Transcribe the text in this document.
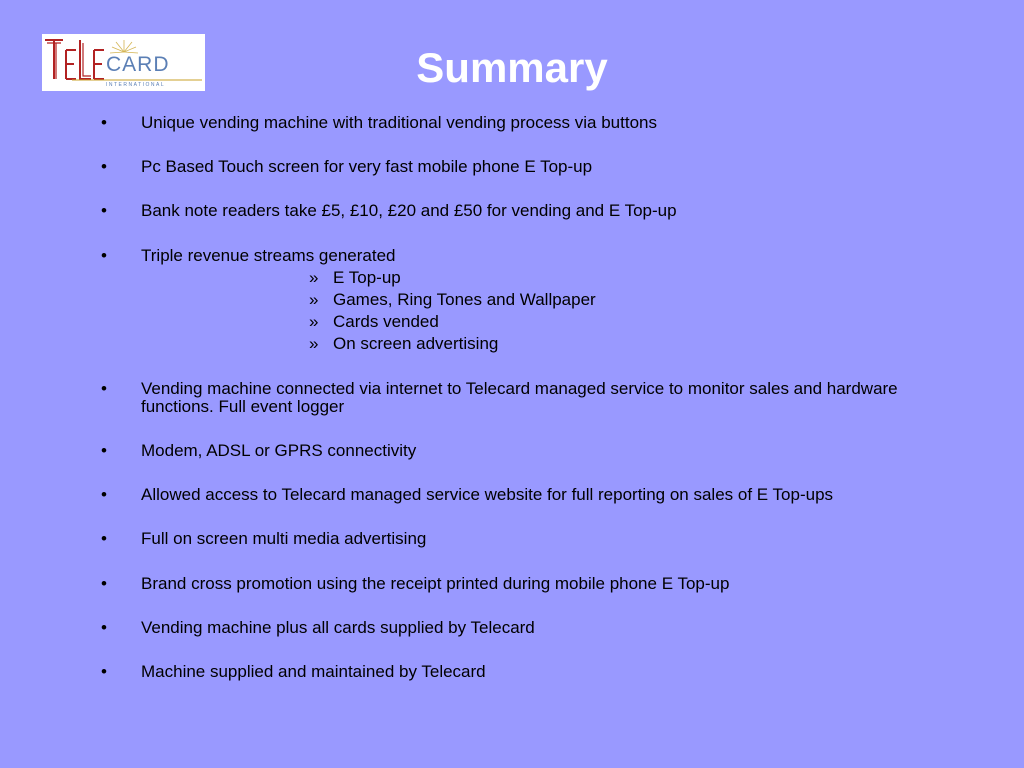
CARD
INTERNATIONAL	Summary
• Unique vending machine with traditional vending process via buttons
• Pc Based Touch screen for very fast mobile phone E Top-up
• Bank note readers take £5, £10, £20 and £50 for vending and E Top-up
• Triple revenue streams generated
» E Top-up
» Games, Ring Tones and Wallpaper
» Cards vended
» On screen advertising
• Vending machine connected via internet to Telecard managed service to monitor sales and hardware functions. Full event logger
• Modem, ADSL or GPRS connectivity
• Allowed access to Telecard managed service website for full reporting on sales of E Top-ups
• Full on screen multi media advertising
• Brand cross promotion using the receipt printed during mobile phone E Top-up
• Vending machine plus all cards supplied by Telecard
• Machine supplied and maintained by Telecard
